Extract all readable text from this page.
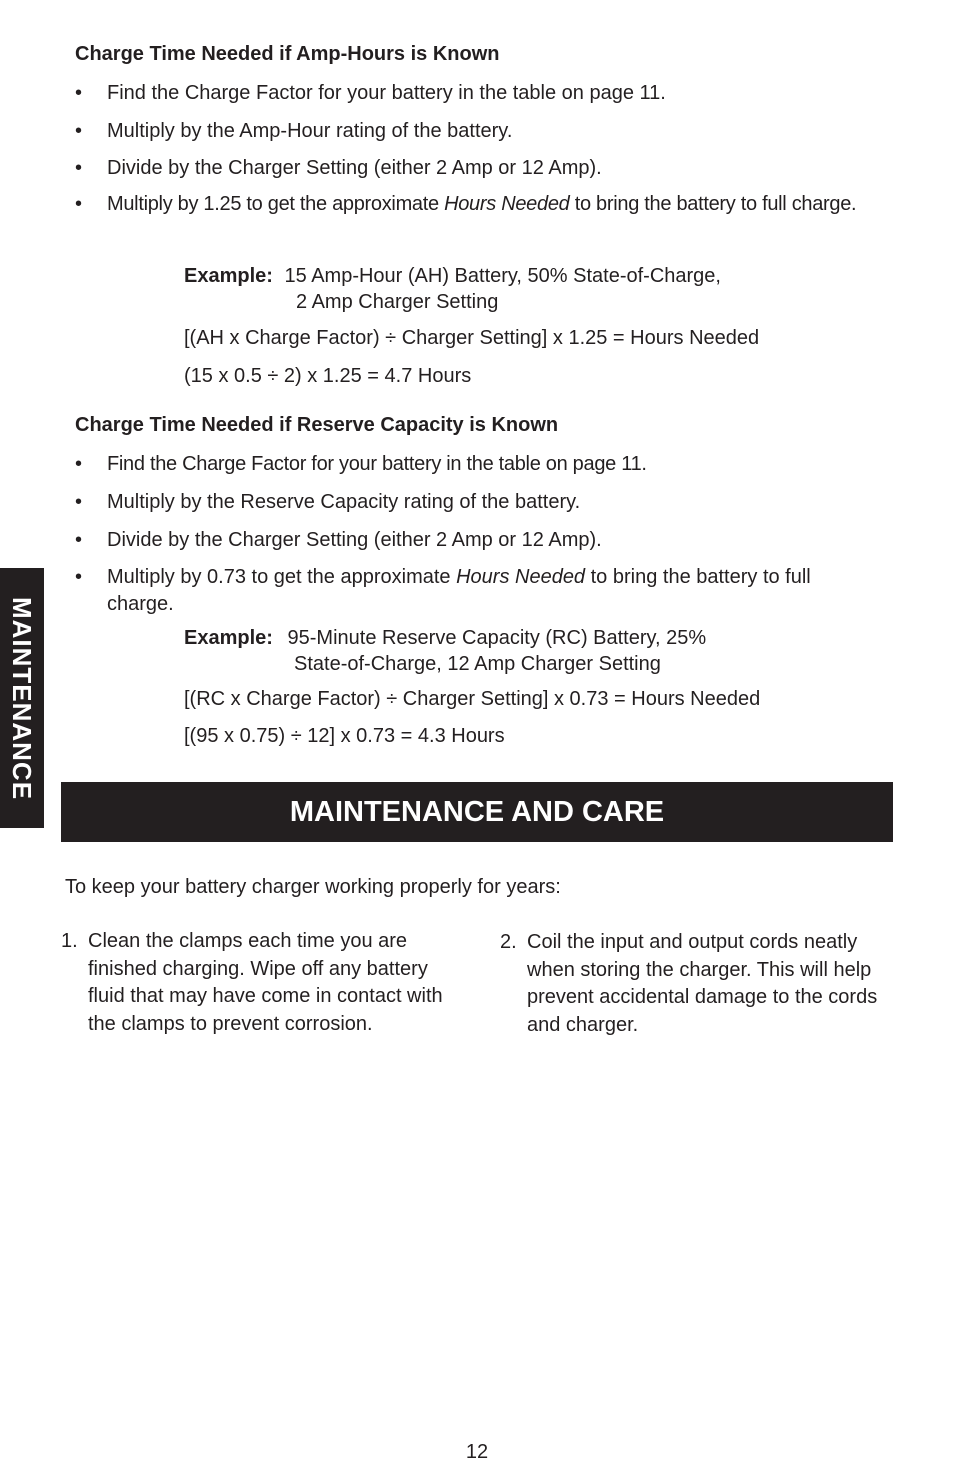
Charge Time Needed if Amp-Hours is Known
• Find the Charge Factor for your battery in the table on page 11.
• Multiply by the Amp-Hour rating of the battery.
• Divide by the Charger Setting (either 2 Amp or 12 Amp).
• Multiply by 1.25 to get the approximate Hours Needed to bring the battery to full charge.
Example: 15 Amp-Hour (AH) Battery, 50% State-of-Charge,
2 Amp Charger Setting
[(AH x Charge Factor) ÷ Charger Setting] x 1.25 = Hours Needed
(15 x 0.5 ÷ 2) x 1.25 = 4.7 Hours
Charge Time Needed if Reserve Capacity is Known
• Find the Charge Factor for your battery in the table on page 11.
• Multiply by the Reserve Capacity rating of the battery.
• Divide by the Charger Setting (either 2 Amp or 12 Amp).
• Multiply by 0.73 to get the approximate Hours Needed to bring the battery to full charge.
Example: 95-Minute Reserve Capacity (RC) Battery, 25%
State-of-Charge, 12 Amp Charger Setting
[(RC x Charge Factor) ÷ Charger Setting] x 0.73 = Hours Needed
[(95 x 0.75) ÷ 12] x 0.73 = 4.3 Hours
MAINTENANCE
MAINTENANCE AND CARE
To keep your battery charger working properly for years:
1. Clean the clamps each time you are finished charging. Wipe off any battery fluid that may have come in contact with the clamps to prevent corrosion.
2. Coil the input and output cords neatly when storing the charger. This will help prevent accidental damage to the cords and charger.
12
